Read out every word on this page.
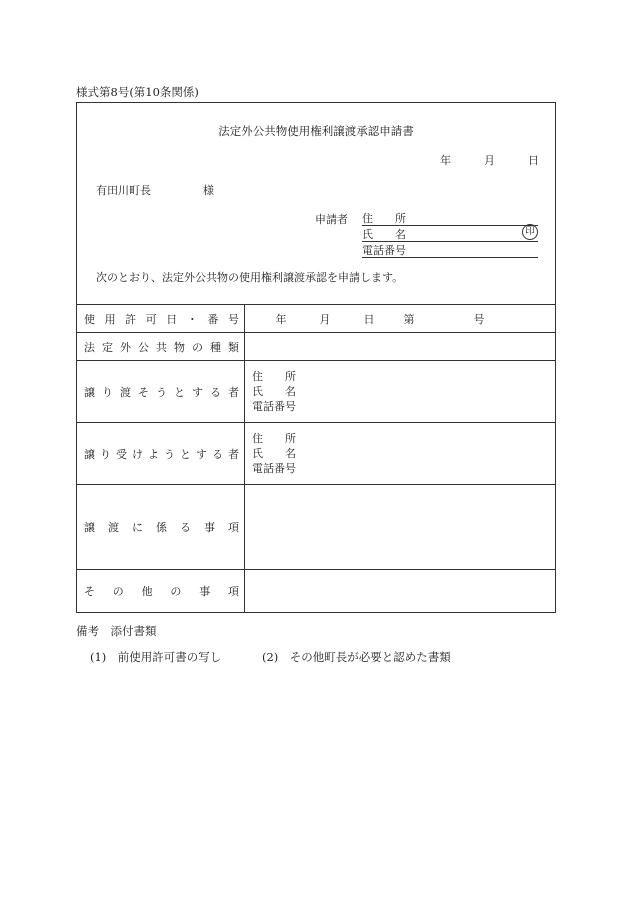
様式第8号(第10条関係)
法定外公共物使用権利譲渡承認申請書
年	月	日
有田川町長	様
申請者 住　　所
氏　　名	印
電話番号
次のとおり、法定外公共物の使用権利譲渡承認を申請します。
使用許可日・番号	年 月 日 第 号

法定外公共物の種類	

譲り渡そうとする者	住　　所
氏　　名
電話番号

譲り受けようとする者	住　　所
氏　　名
電話番号

譲渡に係る事項	

その他の事項	

備考　添付書類
(1)　前使用許可書の写し	(2)　その他町長が必要と認めた書類
